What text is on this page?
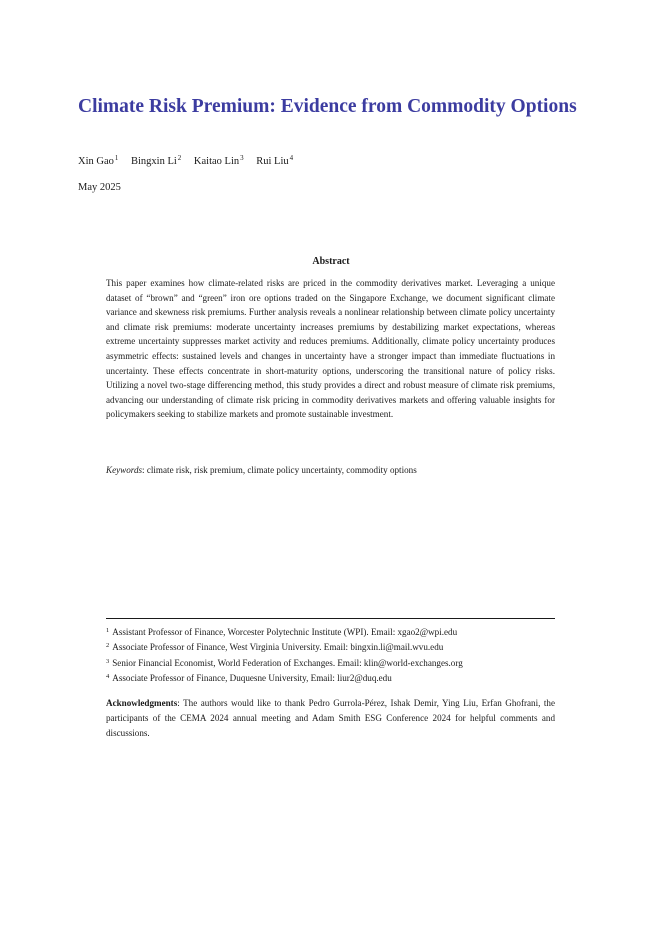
Climate Risk Premium: Evidence from Commodity Options
Xin Gao$^1$ Bingxin Li$^2$ Kaitao Lin$^3$ Rui Liu$^4$
May 2025
Abstract

This paper examines how climate-related risks are priced in the commodity derivatives market. Leveraging a unique dataset of “brown” and “green” iron ore options traded on the Singapore Exchange, we document significant climate variance and skewness risk premiums. Further analysis reveals a nonlinear relationship between climate policy uncertainty and climate risk premiums: moderate uncertainty increases premiums by destabilizing market expectations, whereas extreme uncertainty suppresses market activity and reduces premiums. Additionally, climate policy uncertainty produces asymmetric effects: sustained levels and changes in uncertainty have a stronger impact than immediate fluctuations in uncertainty. These effects concentrate in short-maturity options, underscoring the transitional nature of policy risks. Utilizing a novel two-stage differencing method, this study provides a direct and robust measure of climate risk premiums, advancing our understanding of climate risk pricing in commodity derivatives markets and offering valuable insights for policymakers seeking to stabilize markets and promote sustainable investment.

Keywords: climate risk, risk premium, climate policy uncertainty, commodity options
$^1$ Assistant Professor of Finance, Worcester Polytechnic Institute (WPI). Email: xgao2@wpi.edu
$^2$ Associate Professor of Finance, West Virginia University. Email: bingxin.li@mail.wvu.edu
$^3$ Senior Financial Economist, World Federation of Exchanges. Email: klin@world-exchanges.org
$^4$ Associate Professor of Finance, Duquesne University, Email: liur2@duq.edu

Acknowledgments: The authors would like to thank Pedro Gurrola-Pérez, Ishak Demir, Ying Liu, Erfan Ghofrani, the participants of the CEMA 2024 annual meeting and Adam Smith ESG Conference 2024 for helpful comments and discussions.
